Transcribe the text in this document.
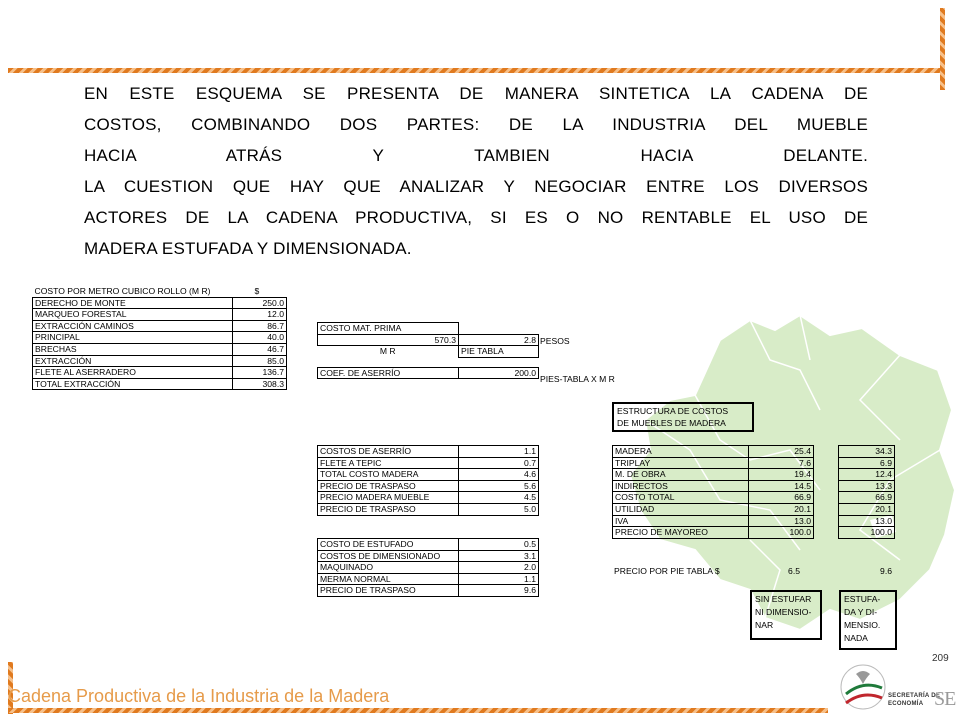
EN ESTE ESQUEMA SE PRESENTA DE MANERA SINTETICA LA CADENA DE
COSTOS, COMBINANDO DOS PARTES: DE LA INDUSTRIA DEL MUEBLE
HACIA ATRÁS Y TAMBIEN HACIA DELANTE.
LA CUESTION QUE HAY QUE ANALIZAR Y NEGOCIAR ENTRE LOS DIVERSOS
ACTORES DE LA CADENA PRODUCTIVA, SI ES O NO RENTABLE EL USO DE
MADERA ESTUFADA Y DIMENSIONADA.
COSTO POR METRO CUBICO ROLLO (M R)	$
DERECHO DE MONTE	250.0
MARQUEO FORESTAL	12.0
EXTRACCIÓN CAMINOS	86.7
PRINCIPAL	40.0
BRECHAS	46.7
EXTRACCIÓN	85.0
FLETE AL ASERRADERO	136.7
TOTAL EXTRACCIÓN	308.3
COSTO MAT. PRIMA	
570.3	2.8
M R	PIE TABLA

COEF. DE ASERRÍO	200.0
PESOS
PIES-TABLA X M R
COSTOS DE ASERRÍO	1.1
FLETE A TEPIC	0.7
TOTAL COSTO MADERA	4.6
PRECIO DE TRASPASO	5.6
PRECIO MADERA MUEBLE	4.5
PRECIO DE TRASPASO	5.0
COSTO DE ESTUFADO	0.5
COSTOS DE DIMENSIONADO	3.1
MAQUINADO	2.0
MERMA NORMAL	1.1
PRECIO DE TRASPASO	9.6
ESTRUCTURA DE COSTOS
DE MUEBLES DE MADERA
MADERA	25.4		34.3
TRIPLAY	7.6		6.9
M. DE OBRA	19.4		12.4
INDIRECTOS	14.5		13.3
COSTO TOTAL	66.9		66.9
UTILIDAD	20.1		20.1
IVA	13.0		13.0
PRECIO DE MAYOREO	100.0		100.0
PRECIO POR PIE TABLA $	6.5	9.6
SIN ESTUFAR
NI DIMENSIO-
NAR
ESTUFA-
DA Y DI-
MENSIO.
NADA
Cadena Productiva de la Industria de la Madera
209
SECRETARÍA DE
ECONOMÍA SE
